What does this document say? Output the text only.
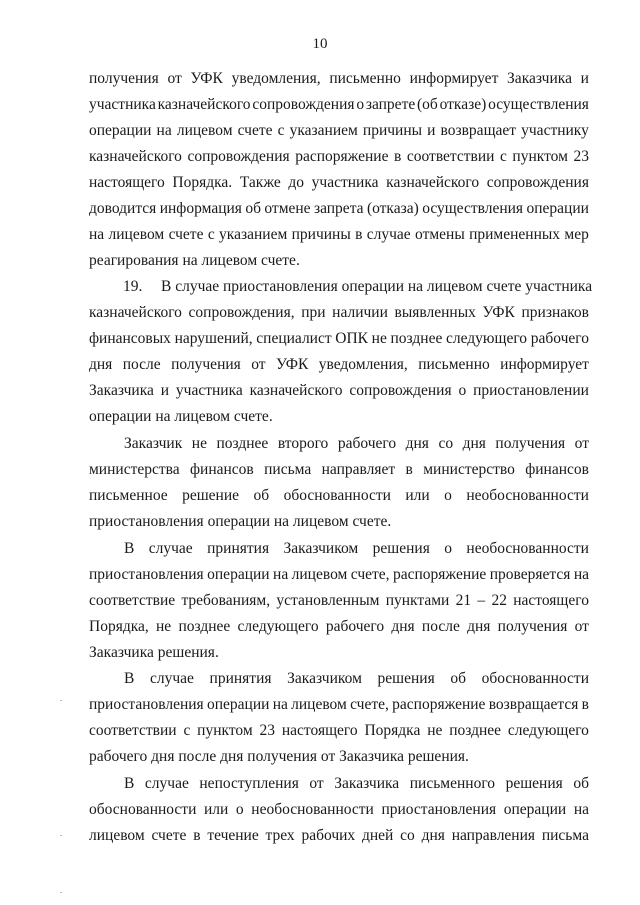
10
получения от УФК уведомления, письменно информирует Заказчика и
участника казначейского сопровождения о запрете (об отказе) осуществления
операции на лицевом счете с указанием причины и возвращает участнику
казначейского сопровождения распоряжение в соответствии с пунктом 23
настоящего Порядка. Также до участника казначейского сопровождения
доводится информация об отмене запрета (отказа) осуществления операции
на лицевом счете с указанием причины в случае отмены примененных мер
реагирования на лицевом счете.
19. В случае приостановления операции на лицевом счете участника
казначейского сопровождения, при наличии выявленных УФК признаков
финансовых нарушений, специалист ОПК не позднее следующего рабочего
дня после получения от УФК уведомления, письменно информирует
Заказчика и участника казначейского сопровождения о приостановлении
операции на лицевом счете.
Заказчик не позднее второго рабочего дня со дня получения от
министерства финансов письма направляет в министерство финансов
письменное решение об обоснованности или о необоснованности
приостановления операции на лицевом счете.
В случае принятия Заказчиком решения о необоснованности
приостановления операции на лицевом счете, распоряжение проверяется на
соответствие требованиям, установленным пунктами 21 – 22 настоящего
Порядка, не позднее следующего рабочего дня после дня получения от
Заказчика решения.
В случае принятия Заказчиком решения об обоснованности
приостановления операции на лицевом счете, распоряжение возвращается в
соответствии с пунктом 23 настоящего Порядка не позднее следующего
рабочего дня после дня получения от Заказчика решения.
В случае непоступления от Заказчика письменного решения об
обоснованности или о необоснованности приостановления операции на
лицевом счете в течение трех рабочих дней со дня направления письма
